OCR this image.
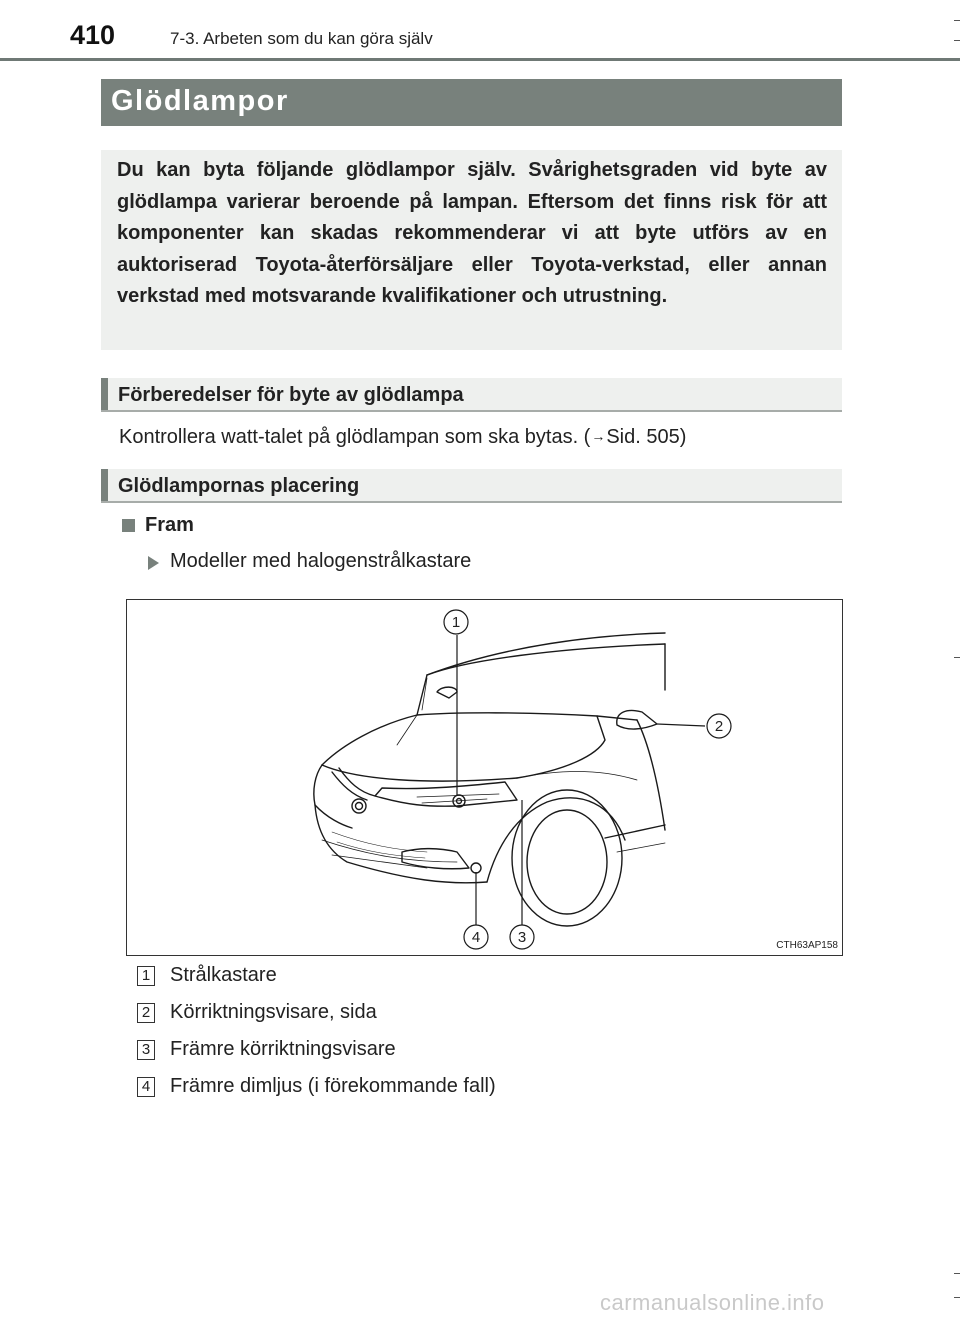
410	7-3. Arbeten som du kan göra själv
Glödlampor
Du kan byta följande glödlampor själv. Svårighetsgraden vid byte av glödlampa varierar beroende på lampan. Eftersom det finns risk för att komponenter kan skadas rekommenderar vi att byte utförs av en auktoriserad Toyota-återförsäljare eller Toyota-verkstad, eller annan verkstad med motsvarande kvalifikationer och utrustning.
Förberedelser för byte av glödlampa
Kontrollera watt-talet på glödlampan som ska bytas. (→Sid. 505)
Glödlampornas placering
Fram
Modeller med halogenstrålkastare
1
2
3
4	CTH63AP158
1 Strålkastare
2 Körriktningsvisare, sida
3 Främre körriktningsvisare
4 Främre dimljus (i förekommande fall)
carmanualsonline.info
